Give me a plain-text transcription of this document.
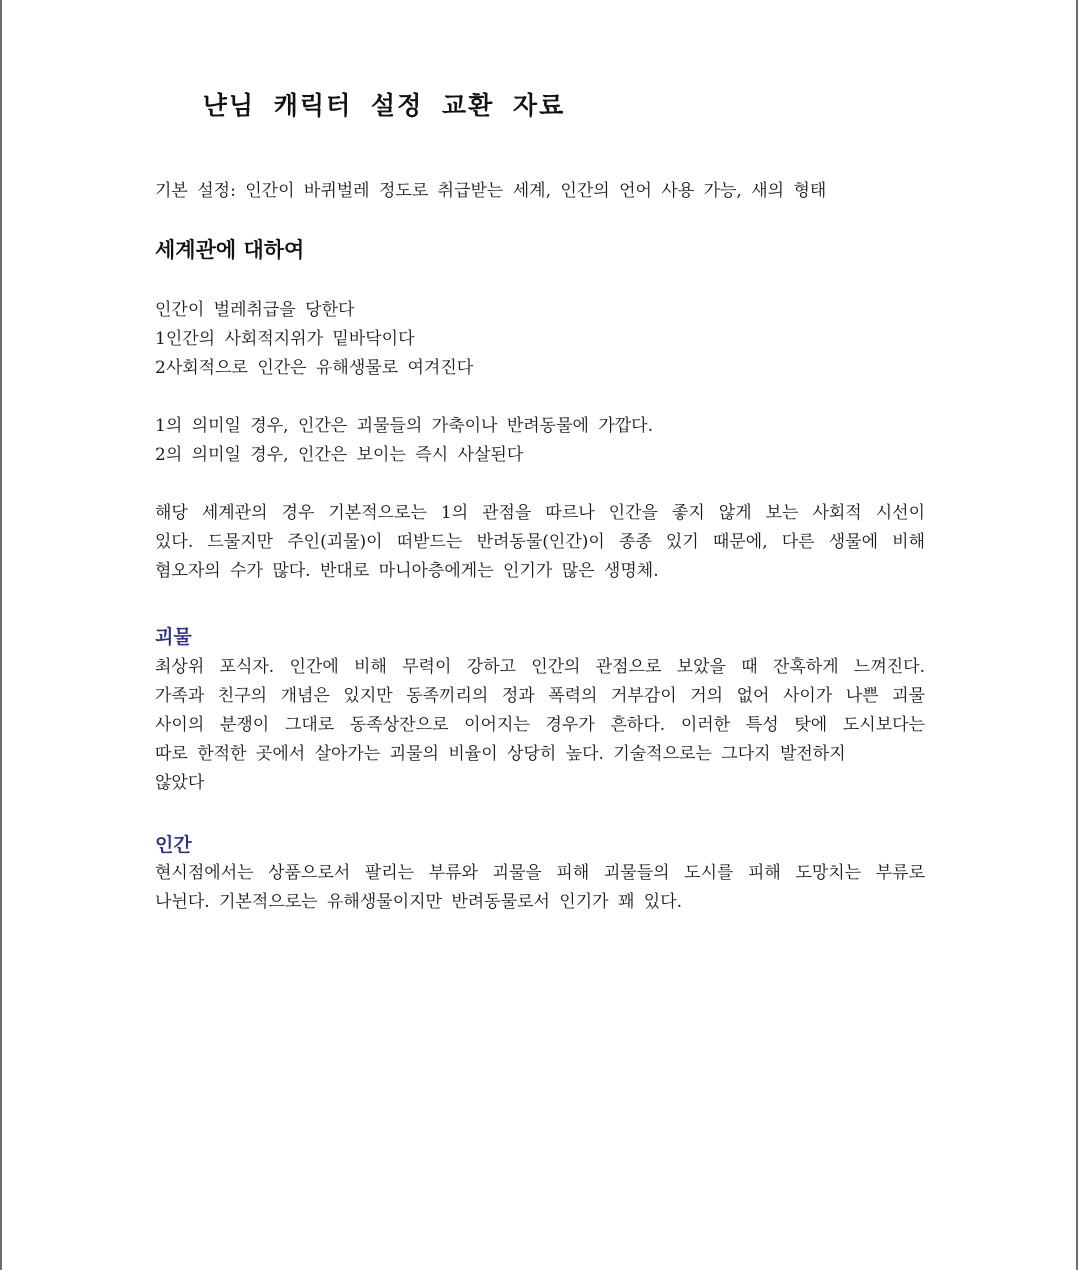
냔님 캐릭터 설정 교환 자료

기본 설정: 인간이 바퀴벌레 정도로 취급받는 세계, 인간의 언어 사용 가능, 새의 형태

세계관에 대하여
인간이 벌레취급을 당한다
1인간의 사회적지위가 밑바닥이다
2사회적으로 인간은 유해생물로 여겨진다
1의 의미일 경우, 인간은 괴물들의 가축이나 반려동물에 가깝다.
2의 의미일 경우, 인간은 보이는 즉시 사살된다
해당 세계관의 경우 기본적으로는 1의 관점을 따르나 인간을 좋지 않게 보는 사회적 시선이
있다. 드물지만 주인(괴물)이 떠받드는 반려동물(인간)이 종종 있기 때문에, 다른 생물에 비해
혐오자의 수가 많다. 반대로 마니아층에게는 인기가 많은 생명체.
괴물
최상위 포식자. 인간에 비해 무력이 강하고 인간의 관점으로 보았을 때 잔혹하게 느껴진다.
가족과 친구의 개념은 있지만 동족끼리의 정과 폭력의 거부감이 거의 없어 사이가 나쁜 괴물
사이의 분쟁이 그대로 동족상잔으로 이어지는 경우가 흔하다. 이러한 특성 탓에 도시보다는
따로 한적한 곳에서 살아가는 괴물의 비율이 상당히 높다. 기술적으로는 그다지 발전하지
않았다
인간
현시점에서는 상품으로서 팔리는 부류와 괴물을 피해 괴물들의 도시를 피해 도망치는 부류로
나뉜다. 기본적으로는 유해생물이지만 반려동물로서 인기가 꽤 있다.
